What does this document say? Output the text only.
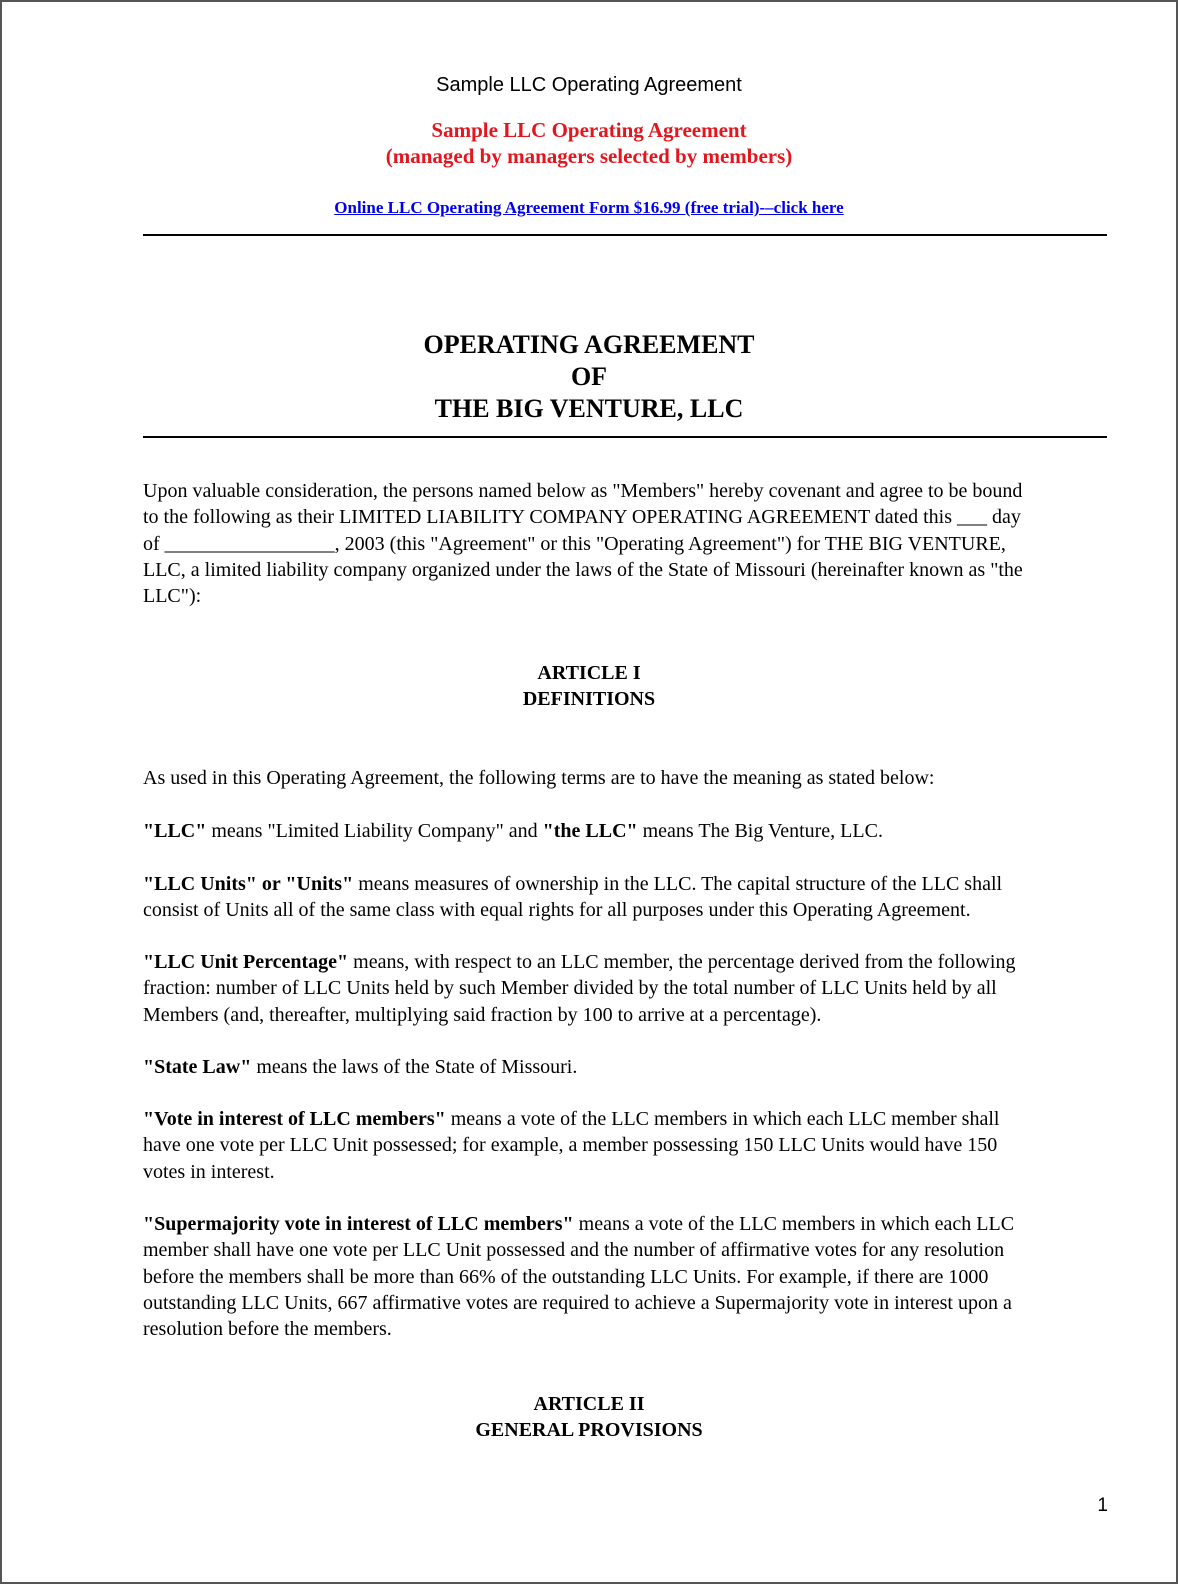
Sample LLC Operating Agreement
Sample LLC Operating Agreement
(managed by managers selected by members)
Online LLC Operating Agreement Form $16.99 (free trial)-–click here
OPERATING AGREEMENT
OF
THE BIG VENTURE, LLC
Upon valuable consideration, the persons named below as "Members" hereby covenant and agree to be bound
to the following as their LIMITED LIABILITY COMPANY OPERATING AGREEMENT dated this ___ day
of _________________, 2003 (this "Agreement" or this "Operating Agreement") for THE BIG VENTURE,
LLC, a limited liability company organized under the laws of the State of Missouri (hereinafter known as "the
LLC"):
ARTICLE I
DEFINITIONS
As used in this Operating Agreement, the following terms are to have the meaning as stated below:
"LLC" means "Limited Liability Company" and "the LLC" means The Big Venture, LLC.
"LLC Units" or "Units" means measures of ownership in the LLC. The capital structure of the LLC shall
consist of Units all of the same class with equal rights for all purposes under this Operating Agreement.
"LLC Unit Percentage" means, with respect to an LLC member, the percentage derived from the following
fraction: number of LLC Units held by such Member divided by the total number of LLC Units held by all
Members (and, thereafter, multiplying said fraction by 100 to arrive at a percentage).
"State Law" means the laws of the State of Missouri.
"Vote in interest of LLC members" means a vote of the LLC members in which each LLC member shall
have one vote per LLC Unit possessed; for example, a member possessing 150 LLC Units would have 150
votes in interest.
"Supermajority vote in interest of LLC members" means a vote of the LLC members in which each LLC
member shall have one vote per LLC Unit possessed and the number of affirmative votes for any resolution
before the members shall be more than 66% of the outstanding LLC Units. For example, if there are 1000
outstanding LLC Units, 667 affirmative votes are required to achieve a Supermajority vote in interest upon a
resolution before the members.
ARTICLE II
GENERAL PROVISIONS
1
